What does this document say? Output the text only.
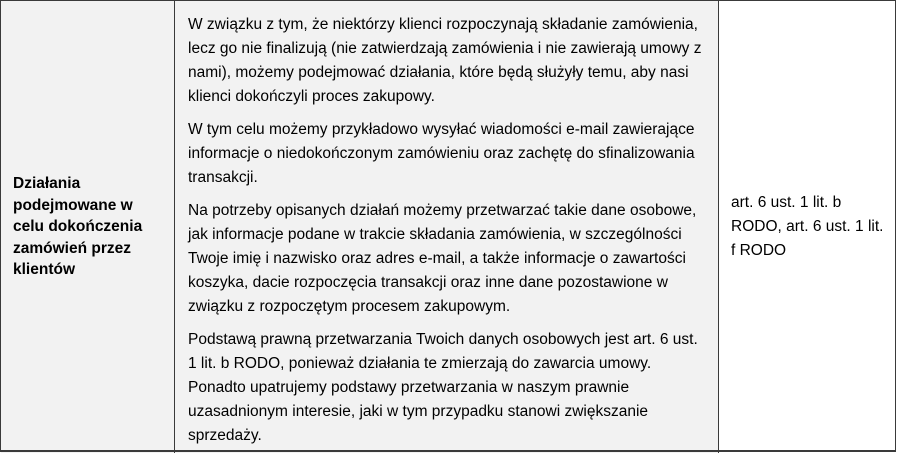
Działania podejmowane w celu dokończenia zamówień przez klientów

W związku z tym, że niektórzy klienci rozpoczynają składanie zamówienia, lecz go nie finalizują (nie zatwierdzają zamówienia i nie zawierają umowy z nami), możemy podejmować działania, które będą służyły temu, aby nasi klienci dokończyli proces zakupowy.

W tym celu możemy przykładowo wysyłać wiadomości e-mail zawierające informacje o niedokończonym zamówieniu oraz zachętę do sfinalizowania transakcji.

Na potrzeby opisanych działań możemy przetwarzać takie dane osobowe, jak informacje podane w trakcie składania zamówienia, w szczególności Twoje imię i nazwisko oraz adres e-mail, a także informacje o zawartości koszyka, dacie rozpoczęcia transakcji oraz inne dane pozostawione w związku z rozpoczętym procesem zakupowym.

Podstawą prawną przetwarzania Twoich danych osobowych jest art. 6 ust. 1 lit. b RODO, ponieważ działania te zmierzają do zawarcia umowy. Ponadto upatrujemy podstawy przetwarzania w naszym prawnie uzasadnionym interesie, jaki w tym przypadku stanowi zwiększanie sprzedaży.

art. 6 ust. 1 lit. b RODO, art. 6 ust. 1 lit. f RODO
